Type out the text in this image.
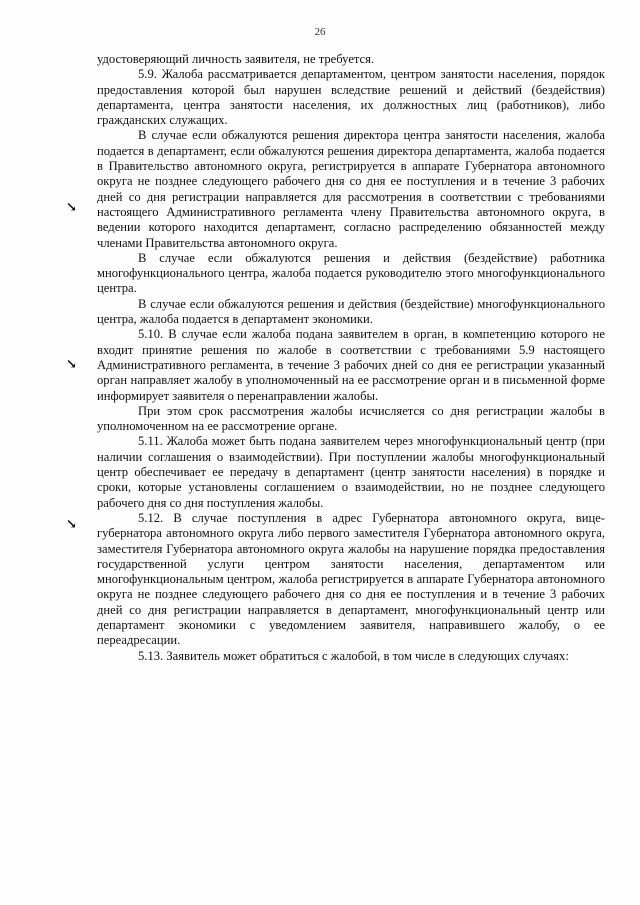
26

удостоверяющий личность заявителя, не требуется.

5.9. Жалоба рассматривается департаментом, центром занятости населения, порядок предоставления которой был нарушен вследствие решений и действий (бездействия) департамента, центра занятости населения, их должностных лиц (работников), либо гражданских служащих.

В случае если обжалуются решения директора центра занятости населения, жалоба подается в департамент, если обжалуются решения директора департамента, жалоба подается в Правительство автономного округа, регистрируется в аппарате Губернатора автономного округа не позднее следующего рабочего дня со дня ее поступления и в течение 3 рабочих дней со дня регистрации направляется для рассмотрения в соответствии с требованиями настоящего Административного регламента члену Правительства автономного округа, в ведении которого находится департамент, согласно распределению обязанностей между членами Правительства автономного округа.

В случае если обжалуются решения и действия (бездействие) работника многофункционального центра, жалоба подается руководителю этого многофункционального центра.

В случае если обжалуются решения и действия (бездействие) многофункционального центра, жалоба подается в департамент экономики.

5.10. В случае если жалоба подана заявителем в орган, в компетенцию которого не входит принятие решения по жалобе в соответствии с требованиями 5.9 настоящего Административного регламента, в течение 3 рабочих дней со дня ее регистрации указанный орган направляет жалобу в уполномоченный на ее рассмотрение орган и в письменной форме информирует заявителя о перенаправлении жалобы.

При этом срок рассмотрения жалобы исчисляется со дня регистрации жалобы в уполномоченном на ее рассмотрение органе.

5.11. Жалоба может быть подана заявителем через многофункциональный центр (при наличии соглашения о взаимодействии). При поступлении жалобы многофункциональный центр обеспечивает ее передачу в департамент (центр занятости населения) в порядке и сроки, которые установлены соглашением о взаимодействии, но не позднее следующего рабочего дня со дня поступления жалобы.

5.12. В случае поступления в адрес Губернатора автономного округа, вице-губернатора автономного округа либо первого заместителя Губернатора автономного округа, заместителя Губернатора автономного округа жалобы на нарушение порядка предоставления государственной услуги центром занятости населения, департаментом или многофункциональным центром, жалоба регистрируется в аппарате Губернатора автономного округа не позднее следующего рабочего дня со дня ее поступления и в течение 3 рабочих дней со дня регистрации направляется в департамент, многофункциональный центр или департамент экономики с уведомлением заявителя, направившего жалобу, о ее переадресации.

5.13. Заявитель может обратиться с жалобой, в том числе в следующих случаях:

↘
↘
↘
